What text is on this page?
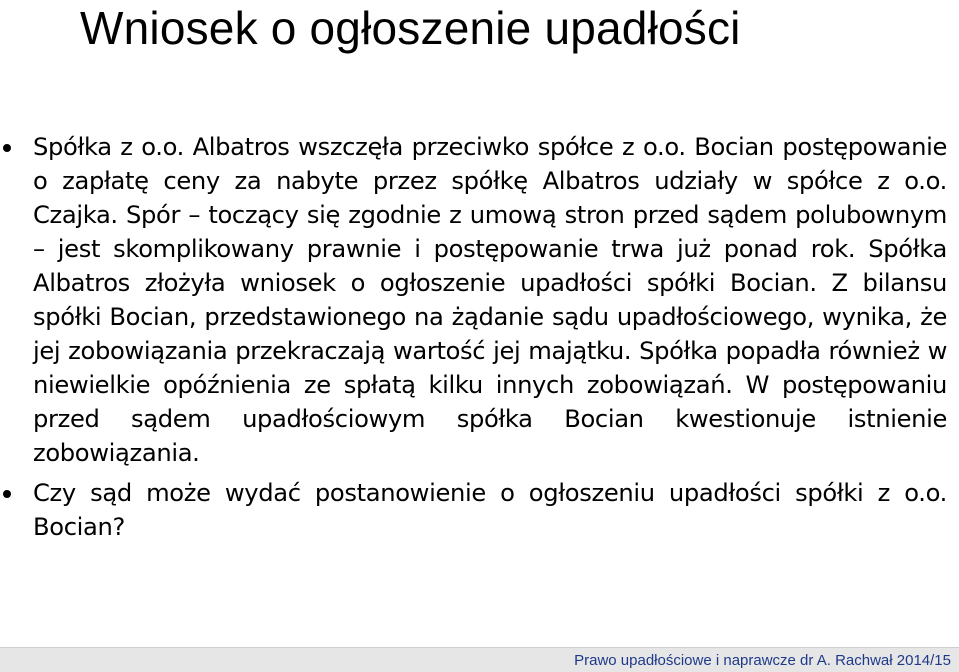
Wniosek o ogłoszenie upadłości
Spółka z o.o. Albatros wszczęła przeciwko spółce z o.o. Bocian postępowanie o zapłatę ceny za nabyte przez spółkę Albatros udziały w spółce z o.o. Czajka. Spór – toczący się zgodnie z umową stron przed sądem polubownym – jest skomplikowany prawnie i postępowanie trwa już ponad rok. Spółka Albatros złożyła wniosek o ogłoszenie upadłości spółki Bocian. Z bilansu spółki Bocian, przedstawionego na żądanie sądu upadłościowego, wynika, że jej zobowiązania przekraczają wartość jej majątku. Spółka popadła również w niewielkie opóźnienia ze spłatą kilku innych zobowiązań. W postępowaniu przed sądem upadłościowym spółka Bocian kwestionuje istnienie zobowiązania.
Czy sąd może wydać postanowienie o ogłoszeniu upadłości spółki z o.o. Bocian?
Prawo upadłościowe i naprawcze dr A. Rachwał 2014/15
